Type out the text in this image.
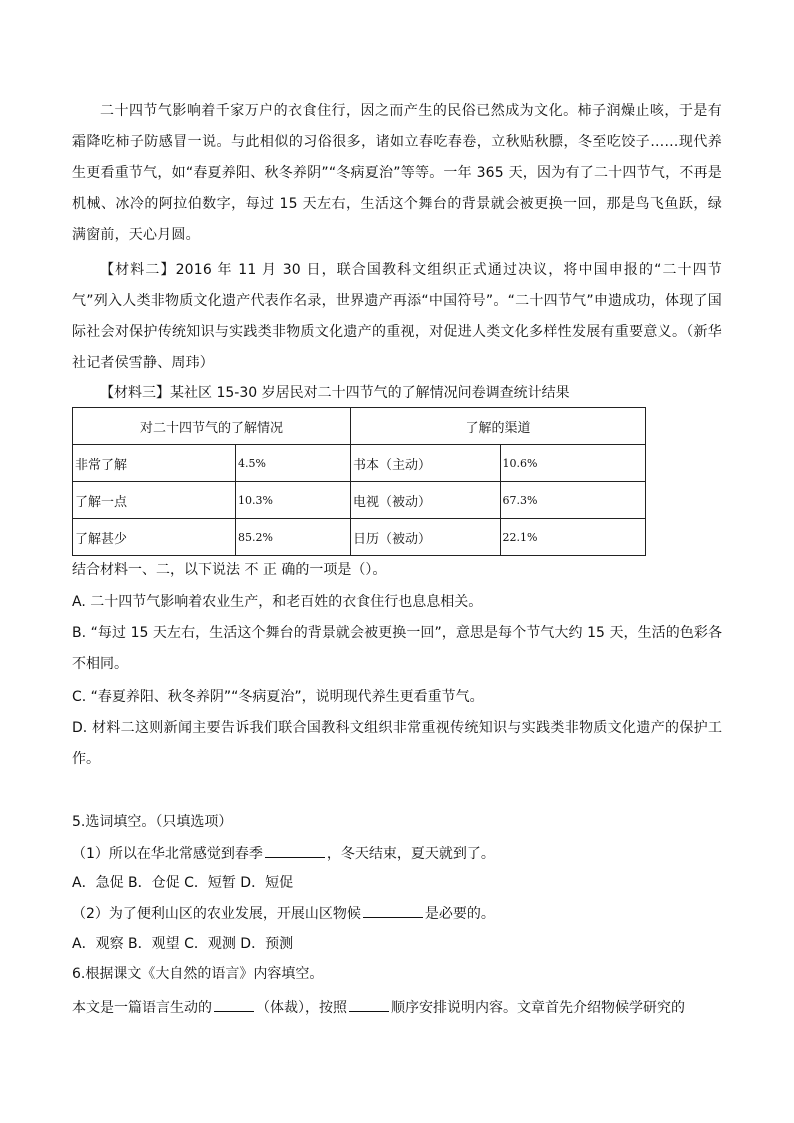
二十四节气影响着千家万户的衣食住行，因之而产生的民俗已然成为文化。柿子润燥止咳，于是有霜降吃柿子防感冒一说。与此相似的习俗很多，诸如立春吃春卷，立秋贴秋膘，冬至吃饺子……现代养生更看重节气，如“春夏养阳、秋冬养阴”“冬病夏治”等等。一年 365 天，因为有了二十四节气，不再是机械、冰冷的阿拉伯数字，每过 15 天左右，生活这个舞台的背景就会被更换一回，那是鸟飞鱼跃，绿满窗前，天心月圆。

【材料二】2016 年 11 月 30 日，联合国教科文组织正式通过决议，将中国申报的“二十四节气”列入人类非物质文化遗产代表作名录，世界遗产再添“中国符号”。“二十四节气”申遗成功，体现了国际社会对保护传统知识与实践类非物质文化遗产的重视，对促进人类文化多样性发展有重要意义。（新华社记者侯雪静、周玮）

【材料三】某社区 15-30 岁居民对二十四节气的了解情况问卷调查统计结果

对二十四节气的了解情况		了解的渠道	
非常了解	4.5%	书本（主动）	10.6%
了解一点	10.3%	电视（被动）	67.3%
了解甚少	85.2%	日历（被动）	22.1%

结合材料一、二，以下说法 不 正 确的一项是（）。

A. 二十四节气影响着农业生产，和老百姓的衣食住行也息息相关。

B. “每过 15 天左右，生活这个舞台的背景就会被更换一回”，意思是每个节气大约 15 天，生活的色彩各不相同。

C. “春夏养阳、秋冬养阴”“冬病夏治”，说明现代养生更看重节气。

D. 材料二这则新闻主要告诉我们联合国教科文组织非常重视传统知识与实践类非物质文化遗产的保护工作。

5.选词填空。（只填选项）

（1）所以在华北常感觉到春季	，冬天结束，夏天就到了。

A．急促 B．仓促 C．短暂 D．短促

（2）为了便利山区的农业发展，开展山区物候	是必要的。

A．观察 B．观望 C．观测 D．预测

6.根据课文《大自然的语言》内容填空。

本文是一篇语言生动的	（体裁），按照	顺序安排说明内容。文章首先介绍物候学研究的
